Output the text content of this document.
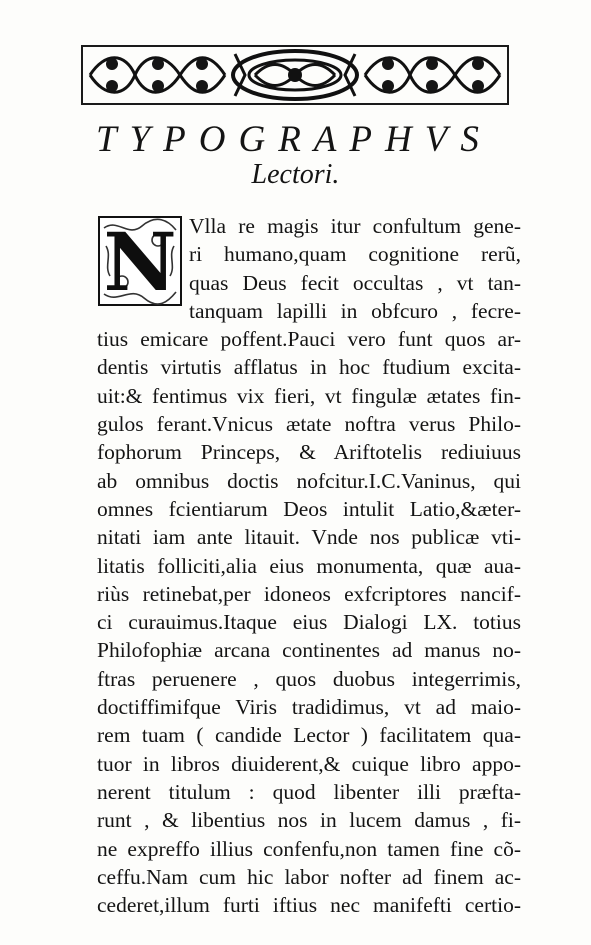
TYPOGRAPHVS
Lectori.
N Vlla re magis itur confultum gene-
ri humano,quam cognitione rerũ,
quas Deus fecit occultas , vt tan-
tanquam lapilli in obfcuro , fecre-
tius emicare poffent.Pauci vero funt quos ar-
dentis virtutis afflatus in hoc ftudium excita-
uit:& fentimus vix fieri, vt fingulæ ætates fin-
gulos ferant.Vnicus ætate noftra verus Philo-
fophorum Princeps, & Ariftotelis rediuiuus
ab omnibus doctis nofcitur.I.C.Vaninus, qui
omnes fcientiarum Deos intulit Latio,&æter-
nitati iam ante litauit. Vnde nos publicæ vti-
litatis folliciti,alia eius monumenta, quæ aua-
riùs retinebat,per idoneos exfcriptores nancif-
ci curauimus.Itaque eius Dialogi LX. totius
Philofophiæ arcana continentes ad manus no-
ftras peruenere , quos duobus integerrimis,
doctiffimifque Viris tradidimus, vt ad maio-
rem tuam ( candide Lector ) facilitatem qua-
tuor in libros diuiderent,& cuique libro appo-
nerent titulum : quod libenter illi præfta-
runt , & libentius nos in lucem damus , fi-
ne expreffo illius confenfu,non tamen fine cõ-
ceffu.Nam cum hic labor nofter ad finem ac-
cederet,illum furti iftius nec manifefti certio-
